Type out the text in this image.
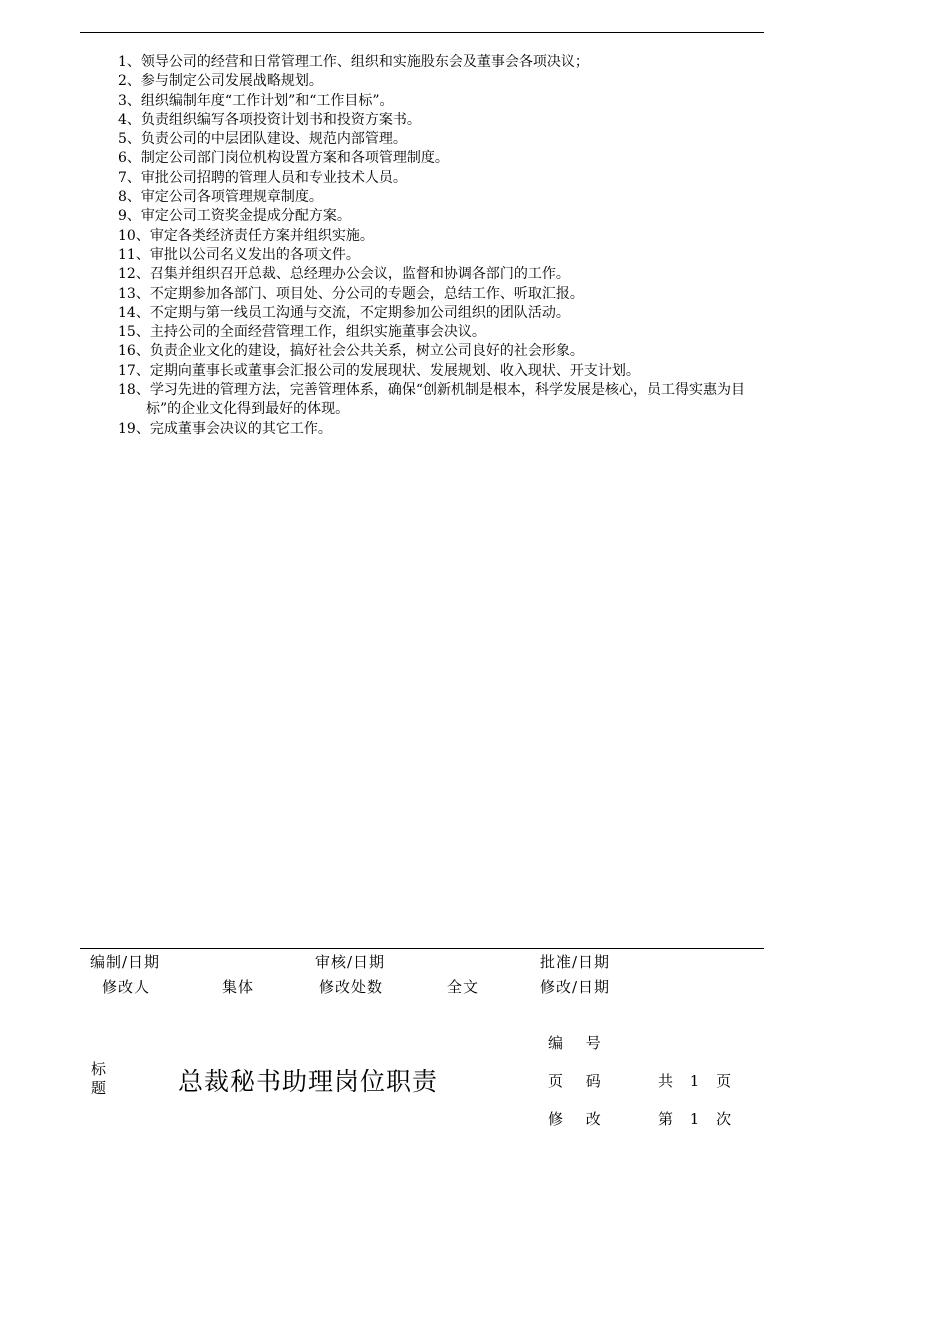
1、 领导公司的经营和日常管理工作、组织和实施股东会及董事会各项决议；
2、 参与制定公司发展战略规划。
3、 组织编制年度“工作计划”和“工作目标”。
4、 负责组织编写各项投资计划书和投资方案书。
5、 负责公司的中层团队建设、规范内部管理。
6、 制定公司部门岗位机构设置方案和各项管理制度。
7、 审批公司招聘的管理人员和专业技术人员。
8、 审定公司各项管理规章制度。
9、 审定公司工资奖金提成分配方案。
10、 审定各类经济责任方案并组织实施。
11、 审批以公司名义发出的各项文件。
12、 召集并组织召开总裁、总经理办公会议，监督和协调各部门的工作。
13、 不定期参加各部门、项目处、分公司的专题会，总结工作、听取汇报。
14、 不定期与第一线员工沟通与交流，不定期参加公司组织的团队活动。
15、 主持公司的全面经营管理工作，组织实施董事会决议。
16、 负责企业文化的建设，搞好社会公共关系，树立公司良好的社会形象。
17、 定期向董事长或董事会汇报公司的发展现状、发展规划、收入现状、开支计划。
18、学习先进的管理方法，完善管理体系，确保“创新机制是根本，科学发展是核心，员工得实惠为目标”的企业文化得到最好的体现。
19、 完成董事会决议的其它工作。
编制/日期	审核/日期	批准/日期
修改人	集体	修改处数	全文	修改/日期
标题	总裁秘书助理岗位职责
编 号
页 码	共 1 页
修 改	第 1 次
